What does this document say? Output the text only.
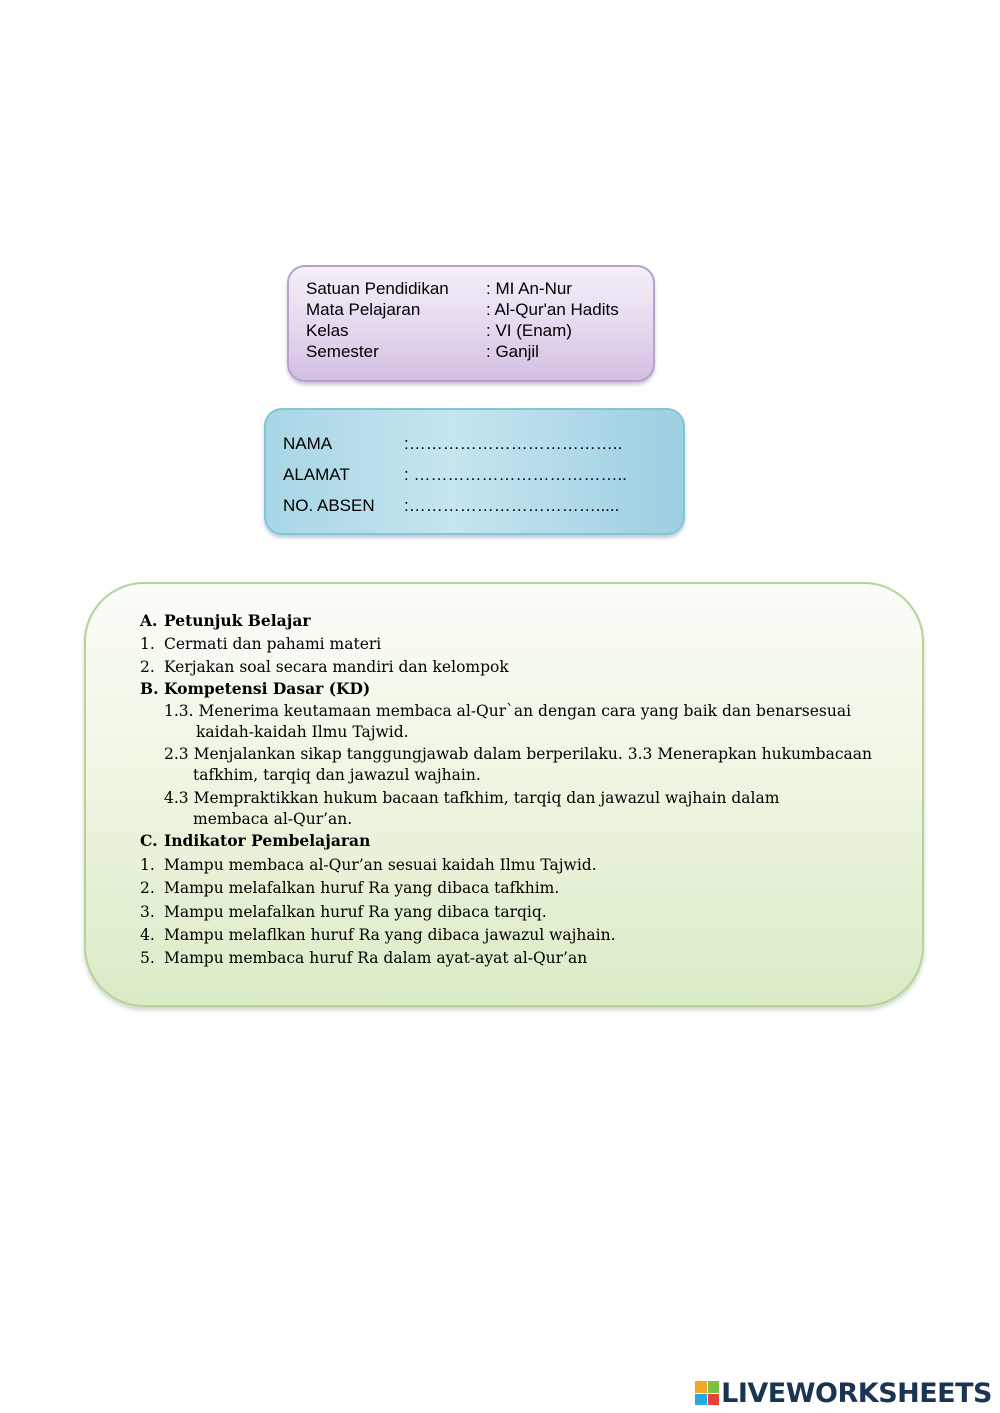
Satuan Pendidikan : MI An-Nur
Mata Pelajaran	: Al-Qur'an Hadits
Kelas	: VI (Enam)
Semester	: Ganjil
NAMA	:………………………………..
ALAMAT	: ………………………………..
NO. ABSEN :…………………………….....
A. Petunjuk Belajar
1. Cermati dan pahami materi
2. Kerjakan soal secara mandiri dan kelompok
B. Kompetensi Dasar (KD)
1.3. Menerima keutamaan membaca al-Qur`an dengan cara yang baik dan benarsesuai
kaidah-kaidah Ilmu Tajwid.
2.3 Menjalankan sikap tanggungjawab dalam berperilaku. 3.3 Menerapkan hukumbacaan
tafkhim, tarqiq dan jawazul wajhain.
4.3 Mempraktikkan hukum bacaan tafkhim, tarqiq dan jawazul wajhain dalam
membaca al-Qur’an.
C. Indikator Pembelajaran
1. Mampu membaca al-Qur’an sesuai kaidah Ilmu Tajwid.
2. Mampu melafalkan huruf Ra yang dibaca tafkhim.
3. Mampu melafalkan huruf Ra yang dibaca tarqiq.
4. Mampu melaflkan huruf Ra yang dibaca jawazul wajhain.
5. Mampu membaca huruf Ra dalam ayat-ayat al-Qur’an
LIVEWORKSHEETS
